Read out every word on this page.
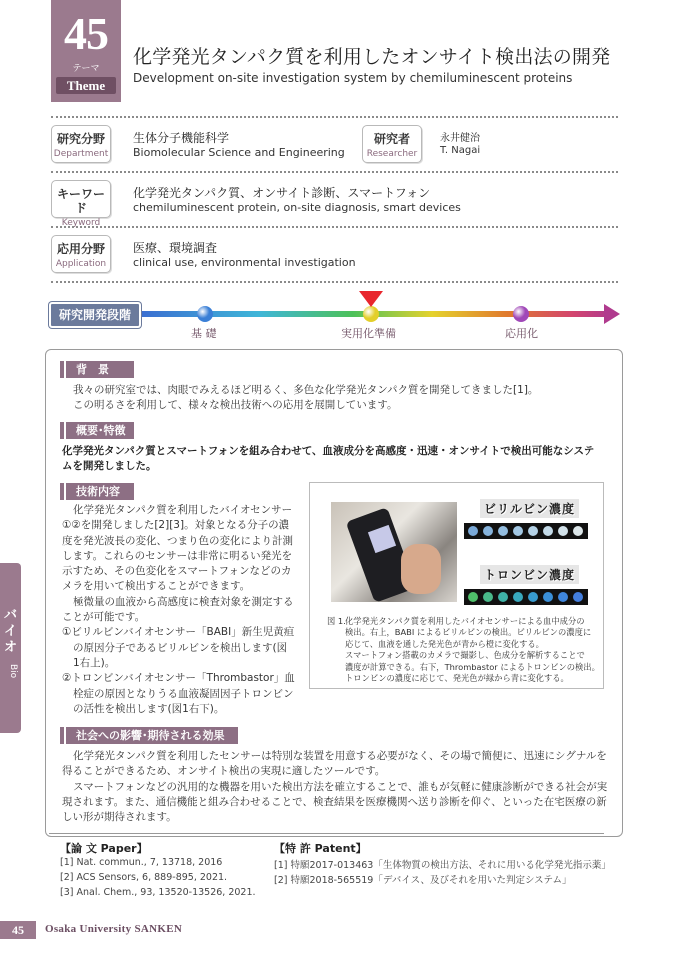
45
テーマ
Theme
化学発光タンパク質を利用したオンサイト検出法の開発
Development on-site investigation system by chemiluminescent proteins
研究分野
Department
生体分子機能科学
Biomolecular Science and Engineering
研究者
Researcher
永井健治
T. Nagai
キーワード
Keyword
化学発光タンパク質、オンサイト診断、スマートフォン
chemiluminescent protein, on-site diagnosis, smart devices
応用分野
Application
医療、環境調査
clinical use, environmental investigation
研究開発段階
基 礎	実用化準備	応用化
背　景
我々の研究室では、肉眼でみえるほど明るく、多色な化学発光タンパク質を開発してきました[1]。
この明るさを利用して、様々な検出技術への応用を展開しています。
概要･特徴
化学発光タンパク質とスマートフォンを組み合わせて、血液成分を高感度・迅速・オンサイトで検出可能なシステ
ムを開発しました。
技術内容
化学発光タンパク質を利用したバイオセンサー
①②を開発しました[2][3]。対象となる分子の濃
度を発光波長の変化、つまり色の変化により計測
します。これらのセンサーは非常に明るい発光を
示すため、その色変化をスマートフォンなどのカ
メラを用いて検出することができます。
極微量の血液から高感度に検査対象を測定する
ことが可能です。
①ビリルビンバイオセンサー「BABI」新生児黄疸
の原因分子であるビリルビンを検出します(図
1右上)。
②トロンビンバイオセンサー「Thrombastor」血
栓症の原因となりうる血液凝固因子トロンビン
の活性を検出します(図1右下)。
ビリルビン濃度
トロンビン濃度
図 1. 化学発光タンパク質を利用したバイオセンサーによる血中成分の
検出。右上，BABI によるビリルビンの検出。ビリルビンの濃度に
応じて、血液を通した発光色が青から橙に変化する。
スマートフォン搭載のカメラで撮影し、色成分を解析することで
濃度が計算できる。右下，Thrombastor によるトロンビンの検出。
トロンビンの濃度に応じて、発光色が緑から青に変化する。
社会への影響･期待される効果
化学発光タンパク質を利用したセンサーは特別な装置を用意する必要がなく、その場で簡便に、迅速にシグナルを
得ることができるため、オンサイト検出の実現に適したツールです。
スマートフォンなどの汎用的な機器を用いた検出方法を確立することで、誰もが気軽に健康診断ができる社会が実
現されます。また、通信機能と組み合わせることで、検査結果を医療機関へ送り診断を仰ぐ、といった在宅医療の新
しい形が期待されます。
【論 文 Paper】
[1] Nat. commun., 7, 13718, 2016
[2] ACS Sensors, 6, 889-895, 2021.
[3] Anal. Chem., 93, 13520-13526, 2021.
【特 許 Patent】
[1] 特願2017-013463「生体物質の検出方法、それに用いる化学発光指示薬」
[2] 特願2018-565519「デバイス、及びそれを用いた判定システム」
バイオ
Bio
45	Osaka University SANKEN
